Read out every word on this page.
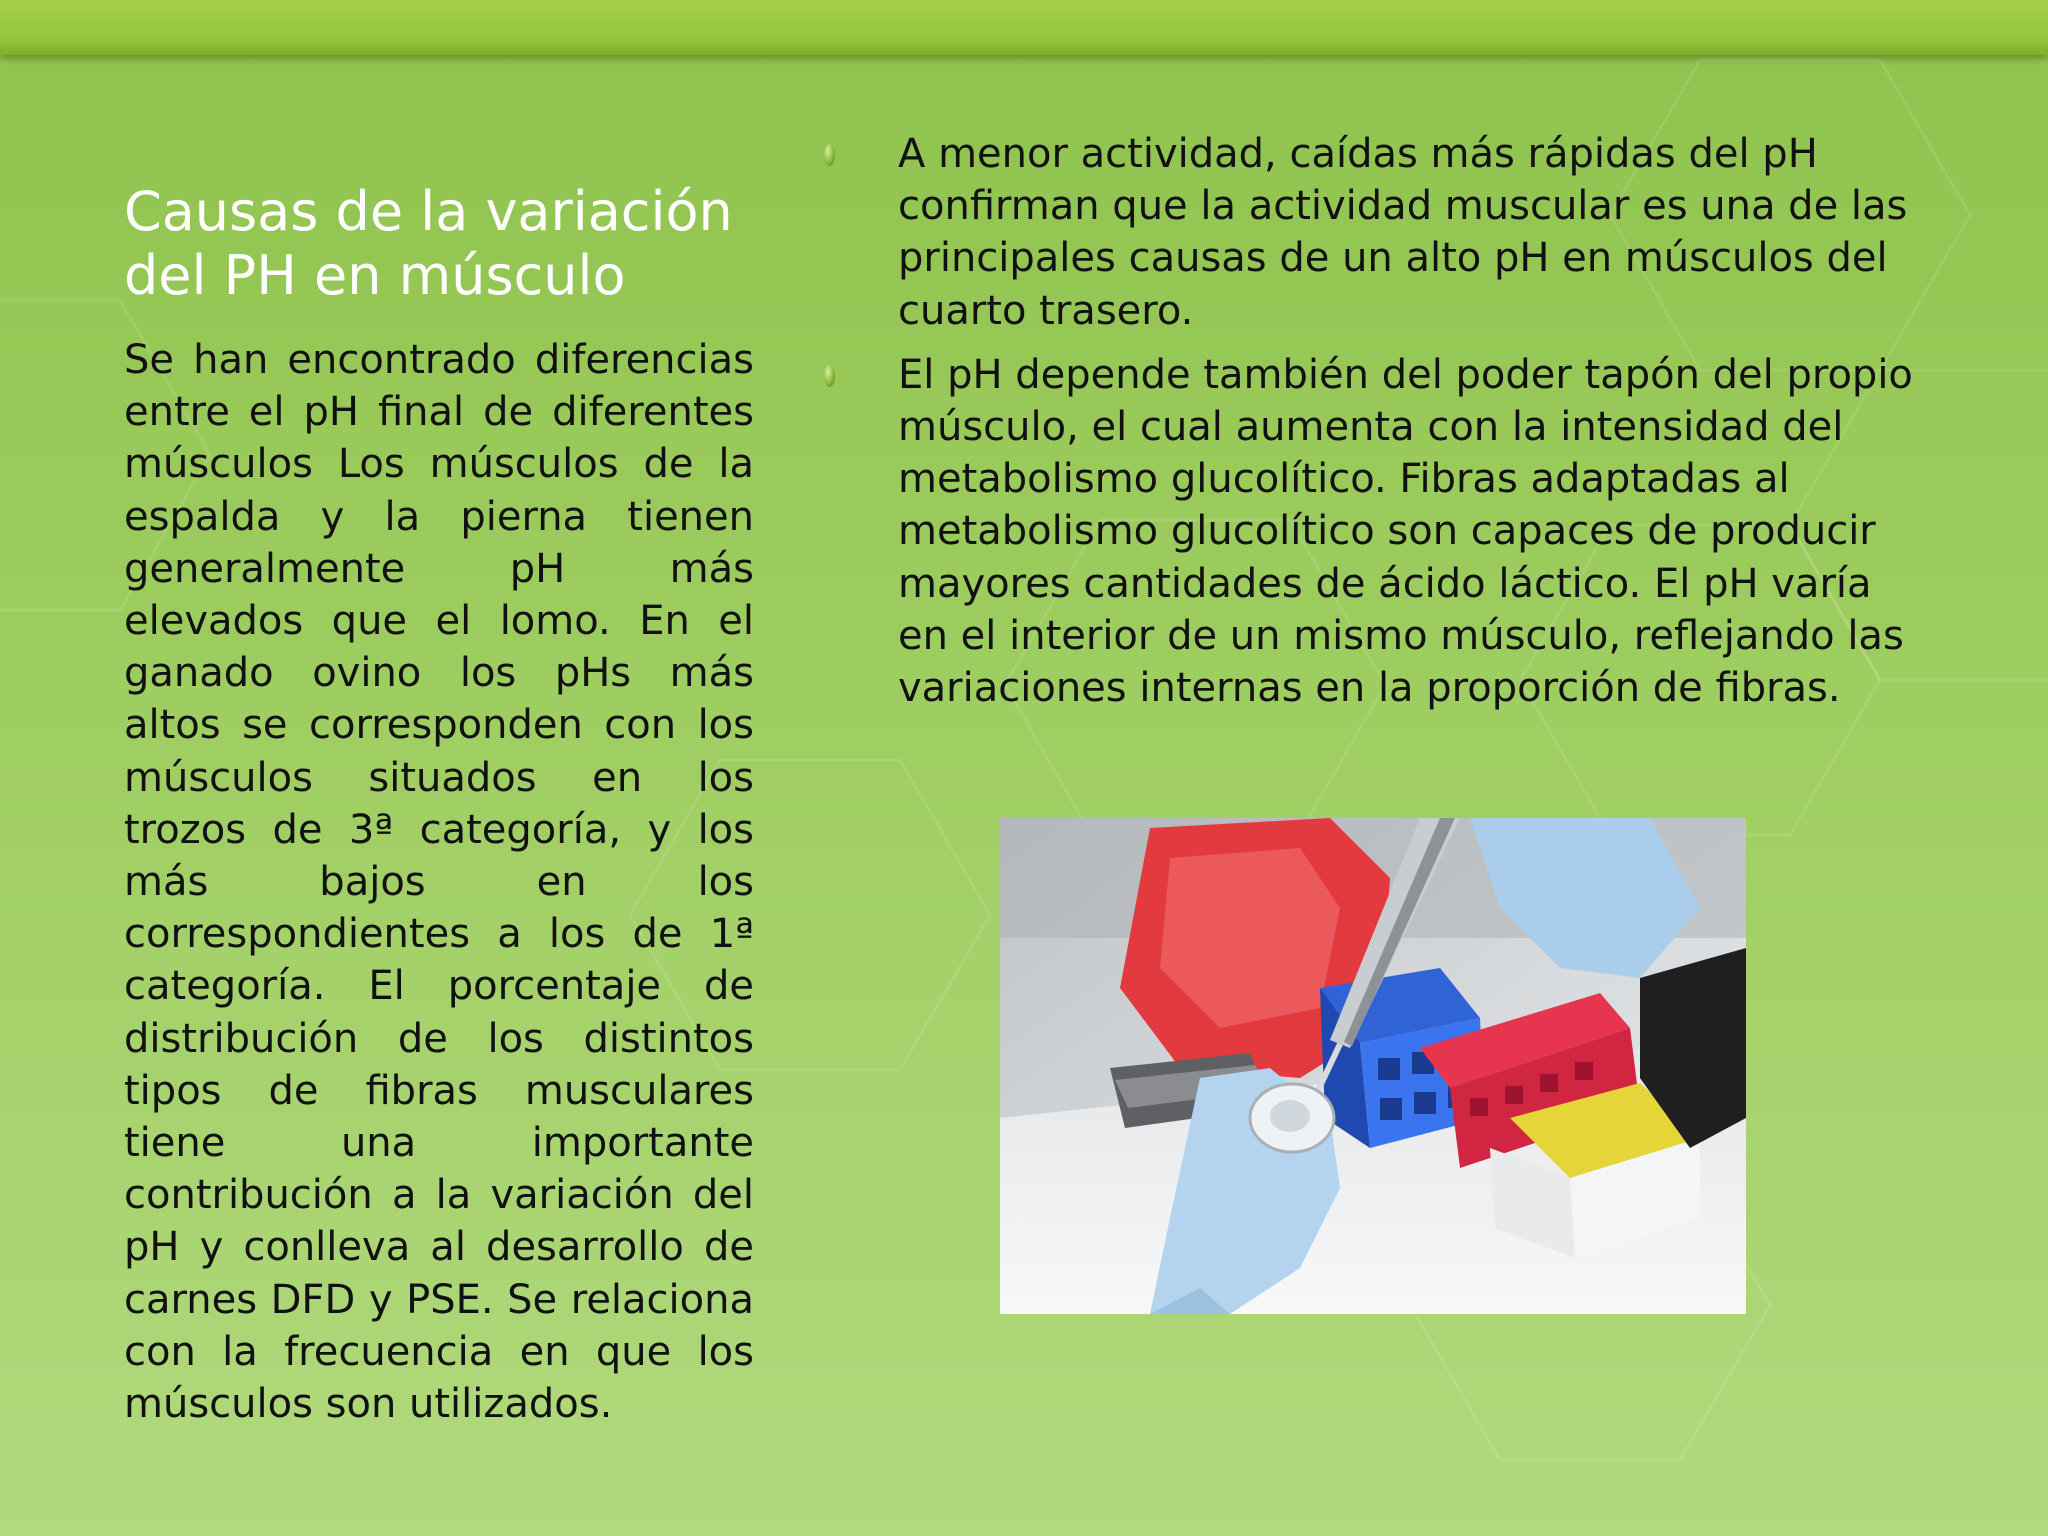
Causas de la variación del PH en músculo

Se han encontrado diferencias entre el pH final de diferentes músculos Los músculos de la espalda y la pierna tienen generalmente pH más elevados que el lomo. En el ganado ovino los pHs más altos se corresponden con los músculos situados en los trozos de 3ª categoría, y los más bajos en los correspondientes a los de 1ª categoría. El porcentaje de distribución de los distintos tipos de fibras musculares tiene una importante contribución a la variación del pH y conlleva al desarrollo de carnes DFD y PSE. Se relaciona con la frecuencia en que los músculos son utilizados.

A menor actividad, caídas más rápidas del pH confirman que la actividad muscular es una de las principales causas de un alto pH en músculos del cuarto trasero.
El pH depende también del poder tapón del propio músculo, el cual aumenta con la intensidad del metabolismo glucolítico. Fibras adaptadas al metabolismo glucolítico son capaces de producir mayores cantidades de ácido láctico. El pH varía en el interior de un mismo músculo, reflejando las variaciones internas en la proporción de fibras.
